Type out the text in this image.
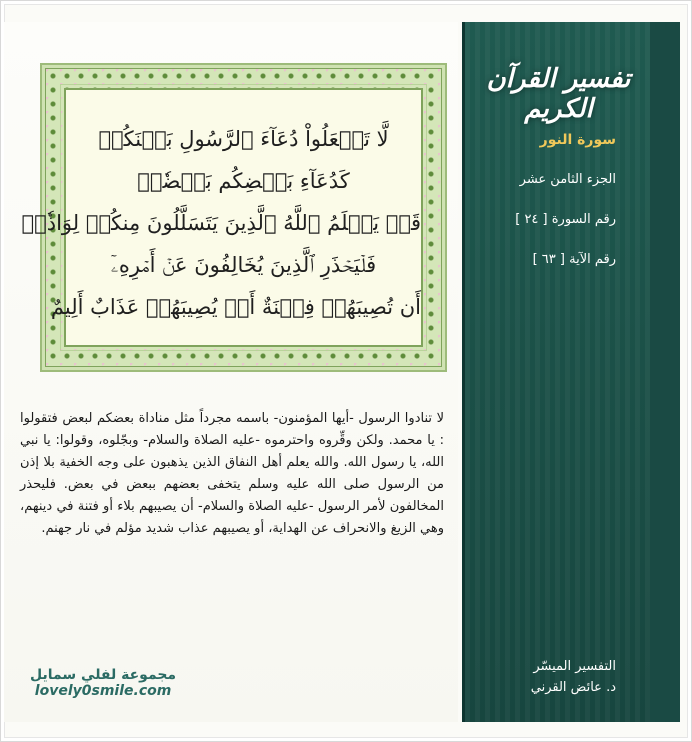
لَّا تَجۡعَلُواْ دُعَآءَ ٱلرَّسُولِ بَيۡنَكُمۡ
كَدُعَآءِ بَعۡضِكُم بَعۡضٗاۚ
قَدۡ يَعۡلَمُ ٱللَّهُ ٱلَّذِينَ يَتَسَلَّلُونَ مِنكُمۡ لِوَاذٗاۚ
فَلۡيَحۡذَرِ ٱلَّذِينَ يُخَالِفُونَ عَنۡ أَمۡرِهِۦٓ
أَن تُصِيبَهُمۡ فِتۡنَةٌ أَوۡ يُصِيبَهُمۡ عَذَابٌ أَلِيمٌ
لا تنادوا الرسول -أيها المؤمنون- باسمه مجرداً مثل مناداة بعضكم لبعض فتقولوا : يا محمد. ولكن وقِّروه واحترموه -عليه الصلاة والسلام- وبجّلوه، وقولوا: يا نبي الله، يا رسول الله. والله يعلم أهل النفاق الذين يذهبون على وجه الخفية بلا إذن من الرسول صلى الله عليه وسلم يتخفى بعضهم ببعض في بعض. فليحذر المخالفون لأمر الرسول -عليه الصلاة والسلام- أن يصيبهم بلاء أو فتنة في دينهم، وهي الزيغ والانحراف عن الهداية، أو يصيبهم عذاب شديد مؤلم في نار جهنم.
مجموعة لفلي سمايل
lovely0smile.com
تفسير القرآن الكريم
سورة النور
الجزء الثامن عشر
رقم السورة [ ٢٤ ]
رقم الآية [ ٦٣ ]
التفسير الميسّر
د. عائض القرني
